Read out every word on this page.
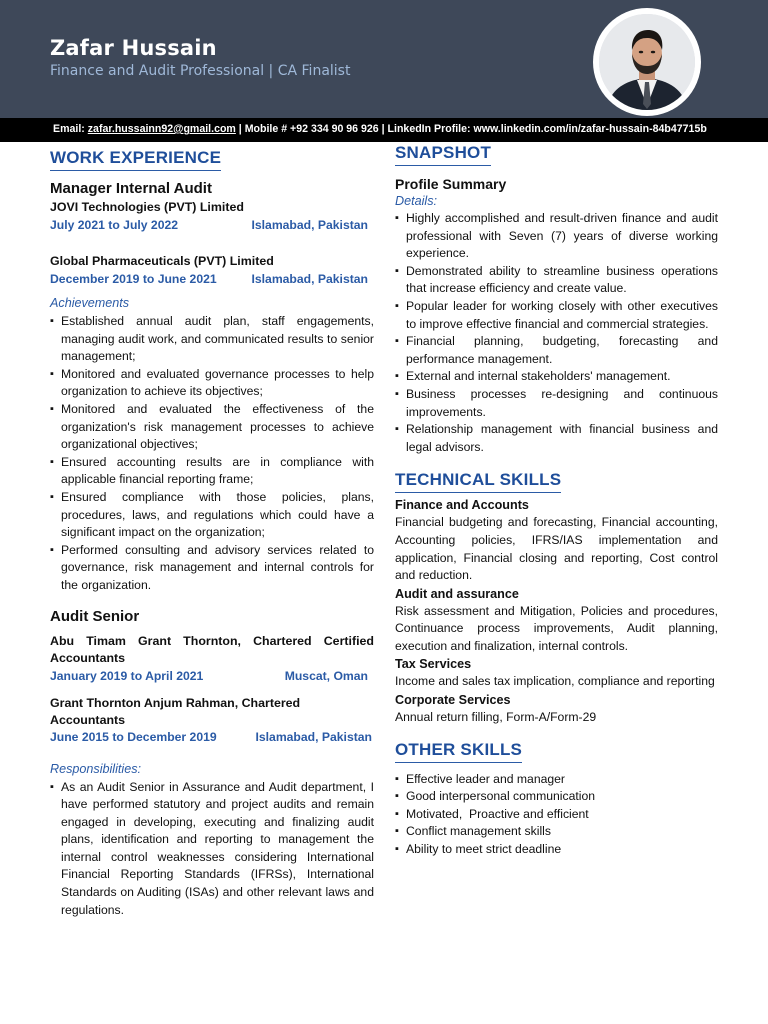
Zafar Hussain
Finance and Audit Professional | CA Finalist
Email: zafar.hussainn92@gmail.com | Mobile # +92 334 90 96 926 | LinkedIn Profile: www.linkedin.com/in/zafar-hussain-84b47715b
WORK EXPERIENCE
Manager Internal Audit
JOVI Technologies (PVT) Limited
July 2021 to July 2022	Islamabad, Pakistan
Global Pharmaceuticals (PVT) Limited
December 2019 to June 2021	Islamabad, Pakistan
Achievements
▪ Established annual audit plan, staff engagements, managing audit work, and communicated results to senior management;
▪ Monitored and evaluated governance processes to help organization to achieve its objectives;
▪ Monitored and evaluated the effectiveness of the organization's risk management processes to achieve organizational objectives;
▪ Ensured accounting results are in compliance with applicable financial reporting frame;
▪ Ensured compliance with those policies, plans, procedures, laws, and regulations which could have a significant impact on the organization;
▪ Performed consulting and advisory services related to governance, risk management and internal controls for the organization.
Audit Senior
Abu Timam Grant Thornton, Chartered Certified Accountants
January 2019 to April 2021	Muscat, Oman
Grant Thornton Anjum Rahman, Chartered Accountants
June 2015 to December 2019	Islamabad, Pakistan
Responsibilities:
▪ As an Audit Senior in Assurance and Audit department, I have performed statutory and project audits and remain engaged in developing, executing and finalizing audit plans, identification and reporting to management the internal control weaknesses considering International Financial Reporting Standards (IFRSs), International Standards on Auditing (ISAs) and other relevant laws and regulations.
SNAPSHOT
Profile Summary
Details:
▪ Highly accomplished and result-driven finance and audit professional with Seven (7) years of diverse working experience.
▪ Demonstrated ability to streamline business operations that increase efficiency and create value.
▪ Popular leader for working closely with other executives to improve effective financial and commercial strategies.
▪ Financial planning, budgeting, forecasting and performance management.
▪ External and internal stakeholders' management.
▪ Business processes re-designing and continuous improvements.
▪ Relationship management with financial business and legal advisors.
TECHNICAL SKILLS
Finance and Accounts
Financial budgeting and forecasting, Financial accounting, Accounting policies, IFRS/IAS implementation and application, Financial closing and reporting, Cost control and reduction.
Audit and assurance
Risk assessment and Mitigation, Policies and procedures, Continuance process improvements, Audit planning, execution and finalization, internal controls.
Tax Services
Income and sales tax implication, compliance and reporting
Corporate Services
Annual return filling, Form-A/Form-29
OTHER SKILLS
▪ Effective leader and manager
▪ Good interpersonal communication
▪ Motivated,  Proactive and efficient
▪ Conflict management skills
▪ Ability to meet strict deadline
